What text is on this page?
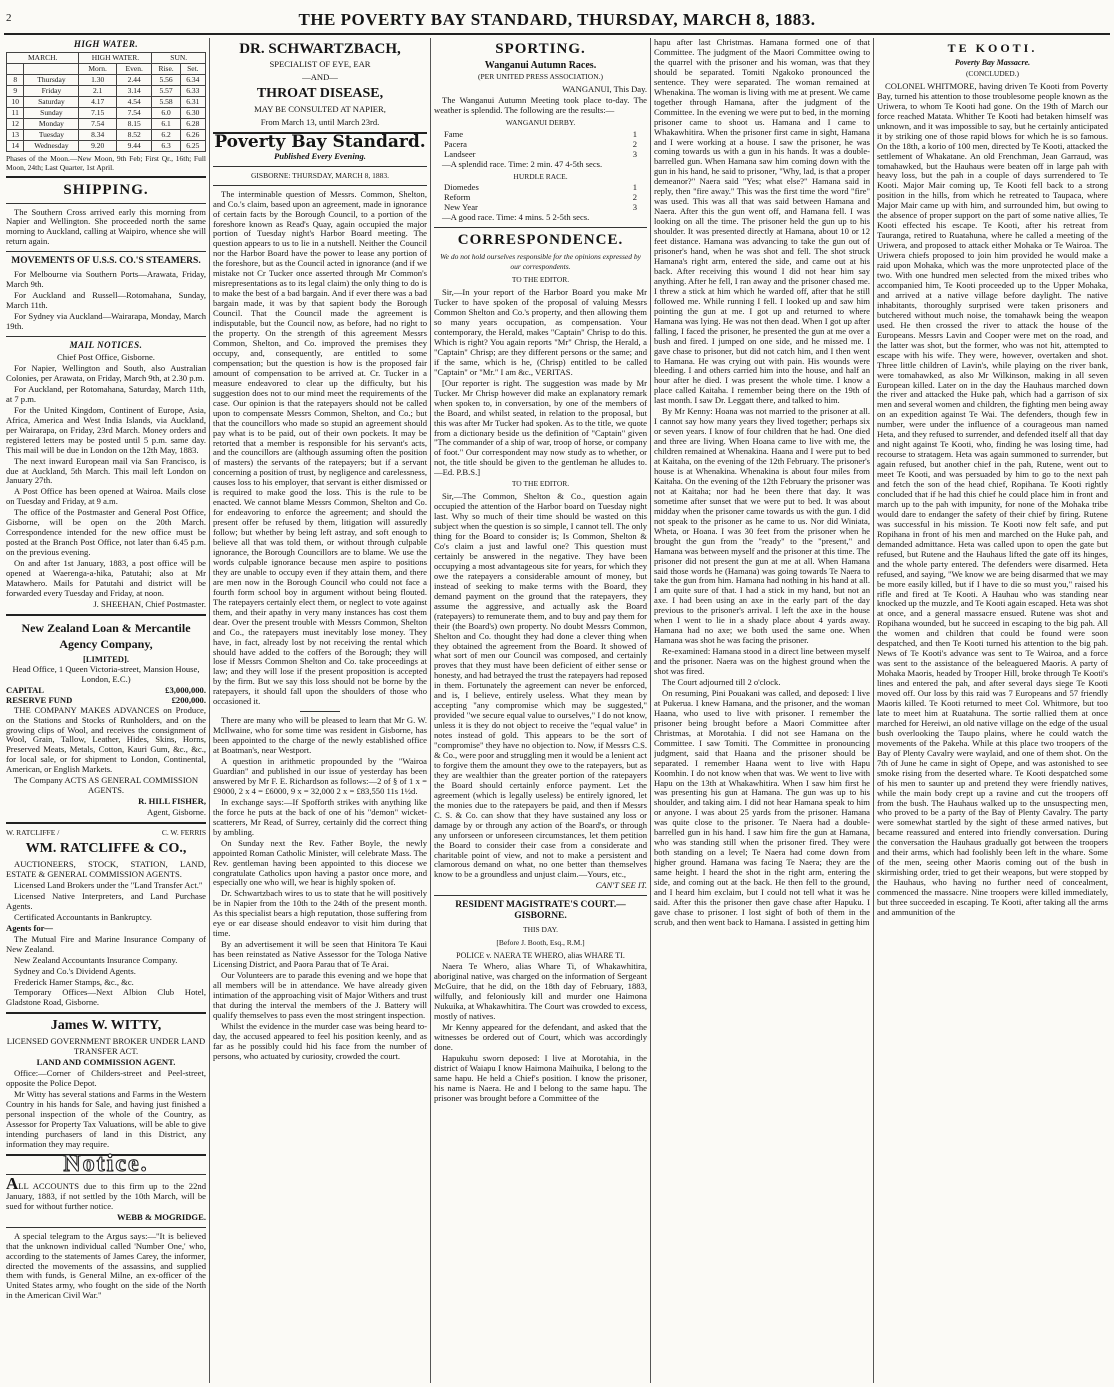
2	THE POVERTY BAY STANDARD, THURSDAY, MARCH 8, 1883.
HIGH WATER.
MARCH.		HIGH WATER.		SUN.	
		Morn.	Even.	Rise.	Set.
8	Thursday	1.30	2.44	5.56	6.34
9	Friday	2.1	3.14	5.57	6.33
10	Saturday	4.17	4.54	5.58	6.31
11	Sunday	7.15	7.54	6.0	6.30
12	Monday	7.54	8.15	6.1	6.28
13	Tuesday	8.34	8.52	6.2	6.26
14	Wednesday	9.20	9.44	6.3	6.25

Phases of the Moon.—New Moon, 9th Feb; First Qr., 16th; Full Moon, 24th; Last Quarter, 1st April.

SHIPPING.

The Southern Cross arrived early this morning from Napier and Wellington. She proceeded north the same morning to Auckland, calling at Waipiro, whence she will return again.

MOVEMENTS OF U.S.S. CO.'S STEAMERS.

For Melbourne via Southern Ports—Arawata, Friday, March 9th.

For Auckland and Russell—Rotomahana, Sunday, March 11th.

For Sydney via Auckland—Wairarapa, Monday, March 19th.

MAIL NOTICES.

Chief Post Office, Gisborne.

For Napier, Wellington and South, also Australian Colonies, per Arawata, on Friday, March 9th, at 2.30 p.m.

For Auckland, per Rotomahana, Saturday, March 11th, at 7 p.m.

For the United Kingdom, Continent of Europe, Asia, Africa, America and West India Islands, via Auckland, per Wairarapa, on Friday, 23rd March. Money orders and registered letters may be posted until 5 p.m. same day. This mail will be due in London on the 12th May, 1883.

The next inward European mail via San Francisco, is due at Auckland, 5th March. This mail left London on January 27th.

A Post Office has been opened at Wairoa. Mails close on Tuesday and Friday, at 9 a.m.

The office of the Postmaster and General Post Office, Gisborne, will be open on the 20th March. Correspondence intended for the new office must be posted at the Branch Post Office, not later than 6.45 p.m. on the previous evening.

On and after 1st January, 1883, a post office will be opened at Waerenga-a-hika, Patutahi; also at Mr Matawhero. Mails for Patutahi and district will be forwarded every Tuesday and Friday, at noon.

J. SHEEHAN, Chief Postmaster.

New Zealand Loan & Mercantile Agency Company,
[LIMITED].

Head Office, 1 Queen Victoria-street, Mansion House, London, E.C.)

CAPITAL	£3,000,000.
RESERVE FUND	£200,000.

THE COMPANY MAKES ADVANCES on Produce, on the Stations and Stocks of Runholders, and on the growing clips of Wool, and receives the consignment of Wool, Grain, Tallow, Leather, Hides, Skins, Horns, Preserved Meats, Metals, Cotton, Kauri Gum, &c., &c., for local sale, or for shipment to London, Continental, American, or English Markets.

The Company ACTS AS GENERAL COMMISSION AGENTS.

R. HILL FISHER,

Agent, Gisborne.

W. RATCLIFFE /	C. W. FERRIS
WM. RATCLIFFE & CO.,

AUCTIONEERS, STOCK, STATION, LAND, ESTATE & GENERAL COMMISSION AGENTS.

Licensed Land Brokers under the "Land Transfer Act."

Licensed Native Interpreters, and Land Purchase Agents.

Certificated Accountants in Bankruptcy.

Agents for—

The Mutual Fire and Marine Insurance Company of New Zealand.

New Zealand Accountants Insurance Company.

Sydney and Co.'s Dividend Agents.

Frederick Hamer Stamps, &c., &c.

Temporary Offices—Next Albion Club Hotel, Gladstone Road, Gisborne.

James W. WITTY,

LICENSED GOVERNMENT BROKER UNDER LAND TRANSFER ACT.

LAND AND COMMISSION AGENT.

Office:—Corner of Childers-street and Peel-street, opposite the Police Depot.

Mr Witty has several stations and Farms in the Western Country in his hands for Sale, and having just finished a personal inspection of the whole of the Country, as Assessor for Property Tax Valuations, will be able to give intending purchasers of land in this District, any information they may require.

Notice.

ALL ACCOUNTS due to this firm up to the 22nd January, 1883, if not settled by the 10th March, will be sued for without further notice.

WEBB & MOGRIDGE.

A special telegram to the Argus says:—"It is believed that the unknown individual called 'Number One,' who, according to the statements of James Carey, the informer, directed the movements of the assassins, and supplied them with funds, is General Milne, an ex-officer of the United States army, who fought on the side of the North in the American Civil War."

DR. SCHWARTZBACH,
SPECIALIST OF EYE, EAR
—AND—
THROAT DISEASE,
MAY BE CONSULTED AT NAPIER,
From March 13, until March 23rd.
Poverty Bay Standard.
Published Every Evening.
GISBORNE: THURSDAY, MARCH 8, 1883.

The interminable question of Messrs. Common, Shelton, and Co.'s claim, based upon an agreement, made in ignorance of certain facts by the Borough Council, to a portion of the foreshore known as Read's Quay, again occupied the major portion of Tuesday night's Harbor Board meeting. The question appears to us to lie in a nutshell. Neither the Council nor the Harbor Board have the power to lease any portion of the foreshore, but as the Council acted in ignorance (and if we mistake not Cr Tucker once asserted through Mr Common's misrepresentations as to its legal claim) the only thing to do is to make the best of a bad bargain. And if ever there was a bad bargain made, it was by that sapient body the Borough Council. That the Council made the agreement is indisputable, but the Council now, as before, had no right to the property. On the strength of this agreement Messrs Common, Shelton, and Co. improved the premises they occupy, and, consequently, are entitled to some compensation; but the question is how is the proposed fair amount of compensation to be arrived at. Cr. Tucker in a measure endeavored to clear up the difficulty, but his suggestion does not to our mind meet the requirements of the case. Our opinion is that the ratepayers should not be called upon to compensate Messrs Common, Shelton, and Co.; but that the councillors who made so stupid an agreement should pay what is to be paid, out of their own pockets. It may be retorted that a member is responsible for his servant's acts, and the councillors are (although assuming often the position of masters) the servants of the ratepayers; but if a servant concerning a position of trust, by negligence and carelessness, causes loss to his employer, that servant is either dismissed or is required to make good the loss. This is the rule to be enacted. We cannot blame Messrs Common, Shelton and Co. for endeavoring to enforce the agreement; and should the present offer be refused by them, litigation will assuredly follow; but whether by being left astray, and soft enough to believe all that was told them, or without through culpable ignorance, the Borough Councillors are to blame. We use the words culpable ignorance because men aspire to positions they are unable to occupy even if they attain them, and there are men now in the Borough Council who could not face a fourth form school boy in argument without being flouted. The ratepayers certainly elect them, or neglect to vote against them, and their apathy in very many instances has cost them dear. Over the present trouble with Messrs Common, Shelton and Co., the ratepayers must inevitably lose money. They have, in fact, already lost by not receiving the rental which should have added to the coffers of the Borough; they will lose if Messrs Common Shelton and Co. take proceedings at law; and they will lose if the present proposition is accepted by the firm. But we say this loss should not be borne by the ratepayers, it should fall upon the shoulders of those who occasioned it.

There are many who will be pleased to learn that Mr G. W. McIlwaine, who for some time was resident in Gisborne, has been appointed to the charge of the newly established office at Boatman's, near Westport.

A question in arithmetic propounded by the "Wairoa Guardian" and published in our issue of yesterday has been answered by Mr F. E. Richardson as follows:—2 of § of 1 x = £9000, 2 x 4 = £6000, 9 x = 32,000 2 x = £83,550 11s 1½d.

In exchange says:—If Spofforth strikes with anything like the force he puts at the back of one of his "demon" wicket-scatterers, Mr Read, of Surrey, certainly did the correct thing by ambling.

On Sunday next the Rev. Father Boyle, the newly appointed Roman Catholic Minister, will celebrate Mass. The Rev. gentleman having been appointed to this diocese we congratulate Catholics upon having a pastor once more, and especially one who will, we hear is highly spoken of.

Dr. Schwartzbach wires to us to state that he will positively be in Napier from the 10th to the 24th of the present month. As this specialist bears a high reputation, those suffering from eye or ear disease should endeavor to visit him during that time.

By an advertisement it will be seen that Hinitora Te Kaui has been reinstated as Native Assessor for the Tologa Native Licensing District, and Paora Parau that of Te Arai.

Our Volunteers are to parade this evening and we hope that all members will be in attendance. We have already given intimation of the approaching visit of Major Withers and trust that during the interval the members of the J. Battery will qualify themselves to pass even the most stringent inspection.

Whilst the evidence in the murder case was being heard to-day, the accused appeared to feel his position keenly, and as far as he possibly could hid his face from the number of persons, who actuated by curiosity, crowded the court.

SPORTING.
Wanganui Autumn Races.
(PER UNITED PRESS ASSOCIATION.)

WANGANUI, This Day.

The Wanganui Autumn Meeting took place to-day. The weather is splendid. The following are the results:—

WANGANUI DERBY.
Fame	1
Pacera	2
Landseer	3

—A splendid race. Time: 2 min. 47 4-5th secs.

HURDLE RACE.
Diomedes	1
Reform	2
New Year	3

—A good race. Time: 4 mins. 5 2-5th secs.

CORRESPONDENCE.
We do not hold ourselves responsible for the opinions expressed by our correspondents.
TO THE EDITOR.

Sir,—In your report of the Harbor Board you make Mr Tucker to have spoken of the proposal of valuing Messrs Common Shelton and Co.'s property, and then allowing them so many years occupation, as compensation. Your contemporary, the Herald, makes "Captain" Chrisp to do this. Which is right? You again reports "Mr" Chrisp, the Herald, a "Captain" Chrisp; are they different persons or the same; and if the same, which is he, (Chrisp) entitled to be called "Captain" or "Mr." I am &c., VERITAS.

[Our reporter is right. The suggestion was made by Mr Tucker. Mr Chrisp however did make an explanatory remark when spoken to, in conversation, by one of the members of the Board, and whilst seated, in relation to the proposal, but this was after Mr Tucker had spoken. As to the title, we quote from a dictionary beside us the definition of "Captain" given "The commander of a ship of war, troop of horse, or company of foot." Our correspondent may now study as to whether, or not, the title should be given to the gentleman he alludes to.—Ed. P.B.S.]

TO THE EDITOR.

Sir,—The Common, Shelton & Co., question again occupied the attention of the Harbor board on Tuesday night last. Why so much of their time should be wasted on this subject when the question is so simple, I cannot tell. The only thing for the Board to consider is; Is Common, Shelton & Co's claim a just and lawful one? This question must certainly be answered in the negative. They have been occupying a most advantageous site for years, for which they owe the ratepayers a considerable amount of money, but instead of seeking to make terms with the Board, they demand payment on the ground that the ratepayers, they assume the aggressive, and actually ask the Board (ratepayers) to remunerate them, and to buy and pay them for their (the Board's) own property. No doubt Messrs Common, Shelton and Co. thought they had done a clever thing when they obtained the agreement from the Board. It showed of what sort of men our Council was composed, and certainly proves that they must have been deficient of either sense or honesty, and had betrayed the trust the ratepayers had reposed in them. Fortunately the agreement can never be enforced, and is, I believe, entirely useless. What they mean by accepting "any compromise which may be suggested," provided "we secure equal value to ourselves," I do not know, unless it is they do not object to receive the "equal value" in notes instead of gold. This appears to be the sort of "compromise" they have no objection to. Now, if Messrs C.S. & Co., were poor and struggling men it would be a lenient act to forgive them the amount they owe to the ratepayers, but as they are wealthier than the greater portion of the ratepayers the Board should certainly enforce payment. Let the agreement (which is legally useless) be entirely ignored, let the monies due to the ratepayers be paid, and then if Messrs C. S. & Co. can show that they have sustained any loss or damage by or through any action of the Board's, or through any unforseen or unforeseen circumstances, let them petition the Board to consider their case from a considerate and charitable point of view, and not to make a persistent and clamorous demand on what, no one better than themselves know to be a groundless and unjust claim.—Yours, etc.,

CAN'T SEE IT.

RESIDENT MAGISTRATE'S COURT.—GISBORNE.
THIS DAY.
[Before J. Booth, Esq., R.M.]
POLICE v. NAERA TE WHERO, alias WHARE TI.

Naera Te Whero, alias Whare Ti, of Whakawhitira, aboriginal native, was charged on the information of Sergeant McGuire, that he did, on the 18th day of February, 1883, wilfully, and feloniously kill and murder one Haimona Nukuika, at Whakawhitira. The Court was crowded to excess, mostly of natives.

Mr Kenny appeared for the defendant, and asked that the witnesses be ordered out of Court, which was accordingly done.

Hapukuhu sworn deposed: I live at Morotahia, in the district of Waiapu I know Haimona Maihuika, I belong to the same hapu. He held a Chief's position. I know the prisoner, his name is Naera. He and I belong to the same hapu. The prisoner was brought before a Committee of the

hapu after last Christmas. Hamana formed one of that Committee. The judgment of the Maori Committee owing to the quarrel with the prisoner and his woman, was that they should be separated. Tomiti Ngakoko pronounced the sentence. They were separated. The woman remained at Whenakina. The woman is living with me at present. We came together through Hamana, after the judgment of the Committee. In the evening we were put to bed, in the morning prisoner came to shoot us. Hamana and I came to Whakawhitira. When the prisoner first came in sight, Hamana and I were working at a house. I saw the prisoner, he was coming towards us with a gun in his hands. It was a double-barrelled gun. When Hamana saw him coming down with the gun in his hand, he said to prisoner, "Why, lad, is that a proper demeanor?" Naera said "Yes; what else?" Hamana said in reply, then "fire away." This was the first time the word "fire" was used. This was all that was said between Hamana and Naera. After this the gun went off, and Hamana fell. I was looking on all the time. The prisoner held the gun up to his shoulder. It was presented directly at Hamana, about 10 or 12 feet distance. Hamana was advancing to take the gun out of prisoner's hand, when he was shot and fell. The shot struck Hamana's right arm, entered the side, and came out at his back. After receiving this wound I did not hear him say anything. After he fell, I ran away and the prisoner chased me. I threw a stick at him which he warded off, after that he still followed me. While running I fell. I looked up and saw him pointing the gun at me. I got up and returned to where Hamana was lying. He was not then dead. When I got up after falling, I faced the prisoner, he presented the gun at me over a bush and fired. I jumped on one side, and he missed me. I gave chase to prisoner, but did not catch him, and I then went to Hamana. He was crying out with pain. His wounds were bleeding. I and others carried him into the house, and half an hour after he died. I was present the whole time. I know a place called Kaitaha. I remember being there on the 19th of last month. I saw Dr. Leggatt there, and talked to him.

By Mr Kenny: Hoana was not married to the prisoner at all. I cannot say how many years they lived together; perhaps six or seven years. I know of four children that he had. One died and three are living. When Hoana came to live with me, the children remained at Whenakina. Haana and I were put to bed at Kaitaha, on the evening of the 12th February. The prisoner's house is at Whenakina. Whenakina is about four miles from Kaitaha. On the evening of the 12th February the prisoner was not at Kaitaha; nor had he been there that day. It was sometime after sunset that we were put to bed. It was about midday when the prisoner came towards us with the gun. I did not speak to the prisoner as he came to us. Nor did Winiata, Wheta, or Hoana. I was 30 feet from the prisoner when he brought the gun from the "ready" to the "present," and Hamana was between myself and the prisoner at this time. The prisoner did not present the gun at me at all. When Hamana said those words he (Hamana) was going towards Te Naera to take the gun from him. Hamana had nothing in his hand at all. I am quite sure of that. I had a stick in my hand, but not an axe. I had been using an axe in the early part of the day previous to the prisoner's arrival. I left the axe in the house when I went to lie in a shady place about 4 yards away. Hamana had no axe; we both used the same one. When Hamana was shot he was facing the prisoner.

Re-examined: Hamana stood in a direct line between myself and the prisoner. Naera was on the highest ground when the shot was fired.

The Court adjourned till 2 o'clock.

On resuming, Pini Pouakani was called, and deposed: I live at Pukerua. I knew Hamana, and the prisoner, and the woman Haana, who used to live with prisoner. I remember the prisoner being brought before a Maori Committee after Christmas, at Morotahia. I did not see Hamana on the Committee. I saw Tomiti. The Committee in pronouncing judgment, said that Haana and the prisoner should be separated. I remember Haana went to live with Hapu Koomhin. I do not know when that was. We went to live with Hapu on the 13th at Whakawhitira. When I saw him first he was presenting his gun at Hamana. The gun was up to his shoulder, and taking aim. I did not hear Hamana speak to him or anyone. I was about 25 yards from the prisoner. Hamana was quite close to the prisoner. Te Naera had a double-barrelled gun in his hand. I saw him fire the gun at Hamana, who was standing still when the prisoner fired. They were both standing on a level; Te Naera had come down from higher ground. Hamana was facing Te Naera; they are the same height. I heard the shot in the right arm, entering the side, and coming out at the back. He then fell to the ground, and I heard him exclaim, but I could not tell what it was he said. After this the prisoner then gave chase after Hapuku. I gave chase to prisoner. I lost sight of both of them in the scrub, and then went back to Hamana. I assisted in getting him

TE KOOTI.
Poverty Bay Massacre.
(CONCLUDED.)

COLONEL WHITMORE, having driven Te Kooti from Poverty Bay, turned his attention to those troublesome people known as the Uriwera, to whom Te Kooti had gone. On the 19th of March our force reached Matata. Whither Te Kooti had betaken himself was unknown, and it was impossible to say, but he certainly anticipated it by striking one of those rapid blows for which he is so famous. On the 18th, a korio of 100 men, directed by Te Kooti, attacked the settlement of Whakatane. An old Frenchman, Jean Garraud, was tomahawked, but the Hauhaus were beaten off in large pah with heavy loss, but the pah in a couple of days surrendered to Te Kooti. Major Mair coming up, Te Kooti fell back to a strong position in the hills, from which he retreated to Taupaca, where Major Mair came up with him, and surrounded him, but owing to the absence of proper support on the part of some native allies, Te Kooti effected his escape. Te Kooti, after his retreat from Tauranga, retired to Ruatahuna, where he called a meeting of the Uriwera, and proposed to attack either Mohaka or Te Wairoa. The Uriwera chiefs proposed to join him provided he would make a raid upon Mohaka, which was the more unprotected place of the two. With one hundred men selected from the mixed tribes who accompanied him, Te Kooti proceeded up to the Upper Mohaka, and arrived at a native village before daylight. The native inhabitants, thoroughly surprised were taken prisoners and butchered without much noise, the tomahawk being the weapon used. He then crossed the river to attack the house of the Europeans. Messrs Lavin and Cooper were met on the road, and the latter was shot, but the former, who was not hit, attempted to escape with his wife. They were, however, overtaken and shot. Three little children of Lavin's, while playing on the river bank, were tomahawked, as also Mr Wilkinson, making in all seven European killed. Later on in the day the Hauhaus marched down the river and attacked the Huke pah, which had a garrison of six men and several women and children, the fighting men being away on an expedition against Te Wai. The defenders, though few in number, were under the influence of a courageous man named Heta, and they refused to surrender, and defended itself all that day and night against Te Kooti, who, finding he was losing time, had recourse to stratagem. Heta was again summoned to surrender, but again refused, but another chief in the pah, Rutene, went out to meet Te Kooti, and was persuaded by him to go to the next pah and fetch the son of the head chief, Ropihana. Te Kooti rightly concluded that if he had this chief he could place him in front and march up to the pah with impunity, for none of the Mohaka tribe would dare to endanger the safety of their chief by firing. Rutene was successful in his mission. Te Kooti now felt safe, and put Ropihana in front of his men and marched on the Huke pah, and demanded admittance. Heta was called upon to open the gate but refused, but Rutene and the Hauhaus lifted the gate off its hinges, and the whole party entered. The defenders were disarmed. Heta refused, and saying, "We know we are being disarmed that we may be more easily killed, but if I have to die so must you," raised his rifle and fired at Te Kooti. A Hauhau who was standing near knocked up the muzzle, and Te Kooti again escaped. Heta was shot at once, and a general massacre ensued. Rutene was shot and Ropihana wounded, but he succeed in escaping to the big pah. All the women and children that could be found were soon despatched, and then Te Kooti turned his attention to the big pah. News of Te Kooti's advance was sent to Te Wairoa, and a force was sent to the assistance of the beleaguered Maoris. A party of Mohaka Maoris, headed by Trooper Hill, broke through Te Kooti's lines and entered the pah, and after several days siege Te Kooti moved off. Our loss by this raid was 7 Europeans and 57 friendly Maoris killed. Te Kooti returned to meet Col. Whitmore, but too late to meet him at Ruatahuna. The sortie rallied them at once marched for Hereiwi, an old native village on the edge of the usual bush overlooking the Taupo plains, where he could watch the movements of the Pakeha. While at this place two troopers of the Bay of Plenty Cavalry were waylaid, and one of them shot. On the 7th of June he came in sight of Opepe, and was astonished to see smoke rising from the deserted whare. Te Kooti despatched some of his men to saunter up and pretend they were friendly natives, while the main body crept up a ravine and cut the troopers off from the bush. The Hauhaus walked up to the unsuspecting men, who proved to be a party of the Bay of Plenty Cavalry. The party were somewhat startled by the sight of these armed natives, but became reassured and entered into friendly conversation. During the conversation the Hauhaus gradually got between the troopers and their arms, which had foolishly been left in the whare. Some of the men, seeing other Maoris coming out of the bush in skirmishing order, tried to get their weapons, but were stopped by the Hauhaus, who having no further need of concealment, commenced the massacre. Nine troopers were killed immediately, but three succeeded in escaping. Te Kooti, after taking all the arms and ammunition of the
